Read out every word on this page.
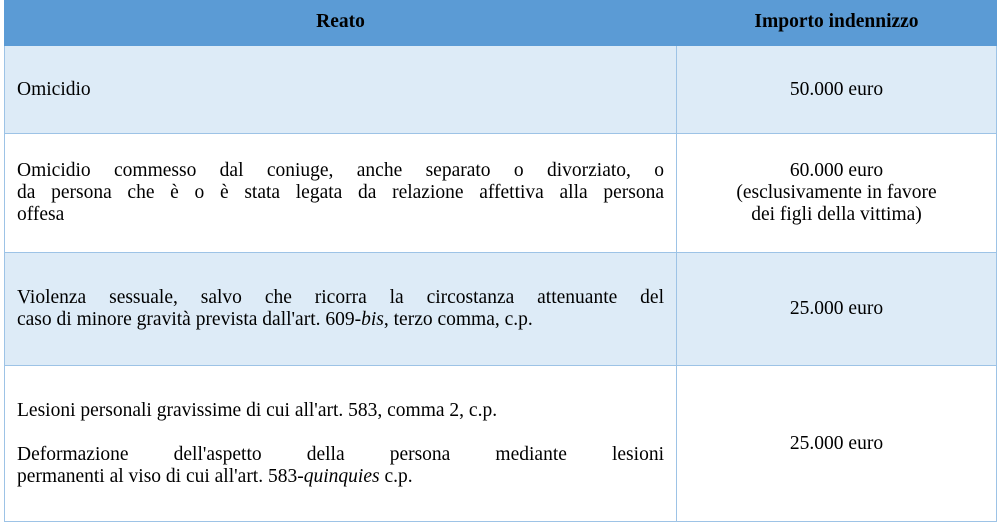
Reato	Importo indennizzo

Omicidio	50.000 euro

Omicidio commesso dal coniuge, anche separato o divorziato, o
da persona che è o è stata legata da relazione affettiva alla persona
offesa	60.000 euro
(esclusivamente in favore
dei figli della vittima)

Violenza sessuale, salvo che ricorra la circostanza attenuante del
caso di minore gravità prevista dall'art. 609-bis, terzo comma, c.p.	25.000 euro

Lesioni personali gravissime di cui all'art. 583, comma 2, c.p.
Deformazione dell'aspetto della persona mediante lesioni
permanenti al viso di cui all'art. 583-quinquies c.p.	25.000 euro
